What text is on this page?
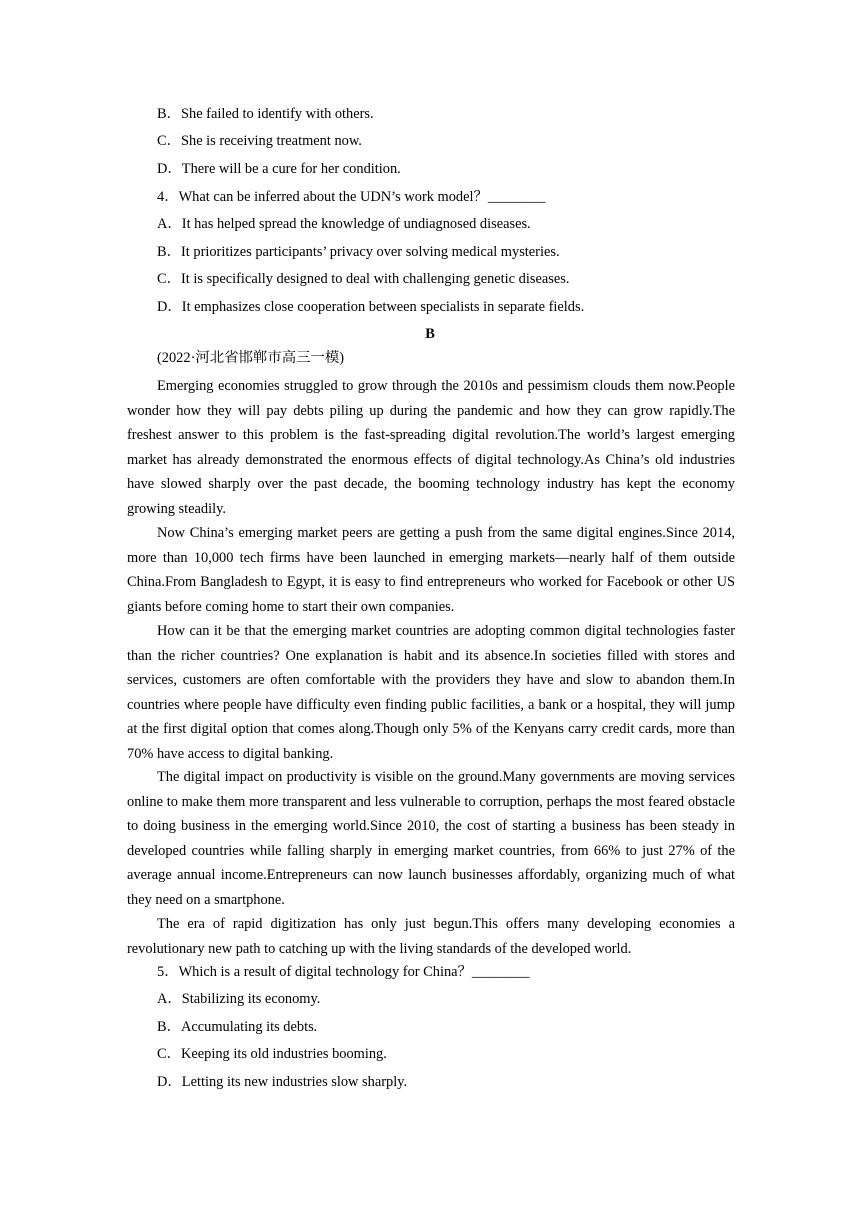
B．She failed to identify with others.
C．She is receiving treatment now.
D．There will be a cure for her condition.
4．What can be inferred about the UDN’s work model？________
A．It has helped spread the knowledge of undiagnosed diseases.
B．It prioritizes participants’ privacy over solving medical mysteries.
C．It is specifically designed to deal with challenging genetic diseases.
D．It emphasizes close cooperation between specialists in separate fields.
B
(2022·河北省邯郸市高三一模)
Emerging economies struggled to grow through the 2010s and pessimism clouds them now.People wonder how they will pay debts piling up during the pandemic and how they can grow rapidly.The freshest answer to this problem is the fast-spreading digital revolution.The world’s largest emerging market has already demonstrated the enormous effects of digital technology.As China’s old industries have slowed sharply over the past decade, the booming technology industry has kept the economy growing steadily.
Now China’s emerging market peers are getting a push from the same digital engines.Since 2014, more than 10,000 tech firms have been launched in emerging markets—nearly half of them outside China.From Bangladesh to Egypt, it is easy to find entrepreneurs who worked for Facebook or other US giants before coming home to start their own companies.
How can it be that the emerging market countries are adopting common digital technologies faster than the richer countries? One explanation is habit and its absence.In societies filled with stores and services, customers are often comfortable with the providers they have and slow to abandon them.In countries where people have difficulty even finding public facilities, a bank or a hospital, they will jump at the first digital option that comes along.Though only 5% of the Kenyans carry credit cards, more than 70% have access to digital banking.
The digital impact on productivity is visible on the ground.Many governments are moving services online to make them more transparent and less vulnerable to corruption, perhaps the most feared obstacle to doing business in the emerging world.Since 2010, the cost of starting a business has been steady in developed countries while falling sharply in emerging market countries, from 66% to just 27% of the average annual income.Entrepreneurs can now launch businesses affordably, organizing much of what they need on a smartphone.
The era of rapid digitization has only just begun.This offers many developing economies a revolutionary new path to catching up with the living standards of the developed world.
5．Which is a result of digital technology for China？________
A．Stabilizing its economy.
B．Accumulating its debts.
C．Keeping its old industries booming.
D．Letting its new industries slow sharply.
